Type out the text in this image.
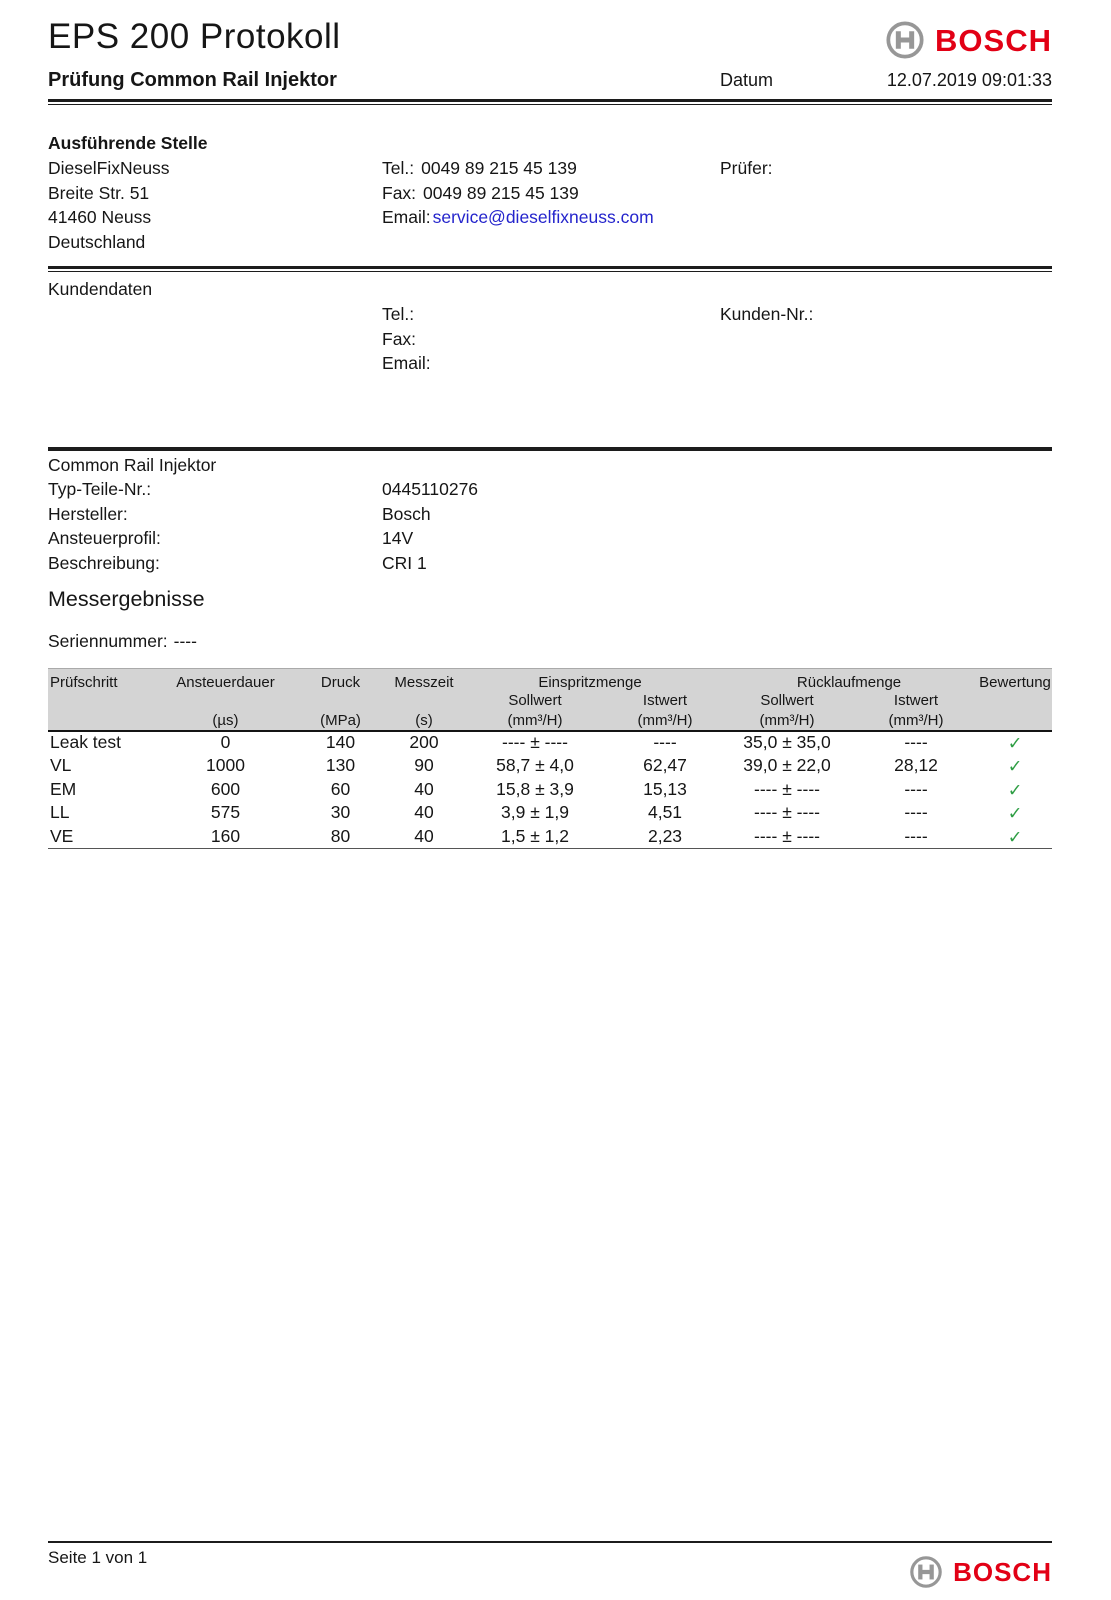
EPS 200 Protokoll	BOSCH
Prüfung Common Rail Injektor	Datum	12.07.2019 09:01:33
Ausführende Stelle
DieselFixNeuss
Breite Str. 51
41460 Neuss
Deutschland
Tel.: 0049 89 215 45 139
Fax: 0049 89 215 45 139
Email: service@dieselfixneuss.com
Prüfer:
Kundendaten
Tel.:
Fax:
Email:
Kunden-Nr.:
Common Rail Injektor
Typ-Teile-Nr.:	0445110276
Hersteller:	Bosch
Ansteuerprofil:	14V
Beschreibung:	CRI 1
Messergebnisse
Seriennummer: ----
Prüfschritt	Ansteuerdauer	Druck	Messzeit	Einspritzmenge		Rücklaufmenge		Bewertung
				Sollwert	Istwert	Sollwert	Istwert	
	(µs)	(MPa)	(s)	(mm³/H)	(mm³/H)	(mm³/H)	(mm³/H)	
Leak test	0	140	200	---- ± ----	----	35,0 ± 35,0	----	✓
VL	1000	130	90	58,7 ± 4,0	62,47	39,0 ± 22,0	28,12	✓
EM	600	60	40	15,8 ± 3,9	15,13	---- ± ----	----	✓
LL	575	30	40	3,9 ± 1,9	4,51	---- ± ----	----	✓
VE	160	80	40	1,5 ± 1,2	2,23	---- ± ----	----	✓
Seite 1 von 1	BOSCH
